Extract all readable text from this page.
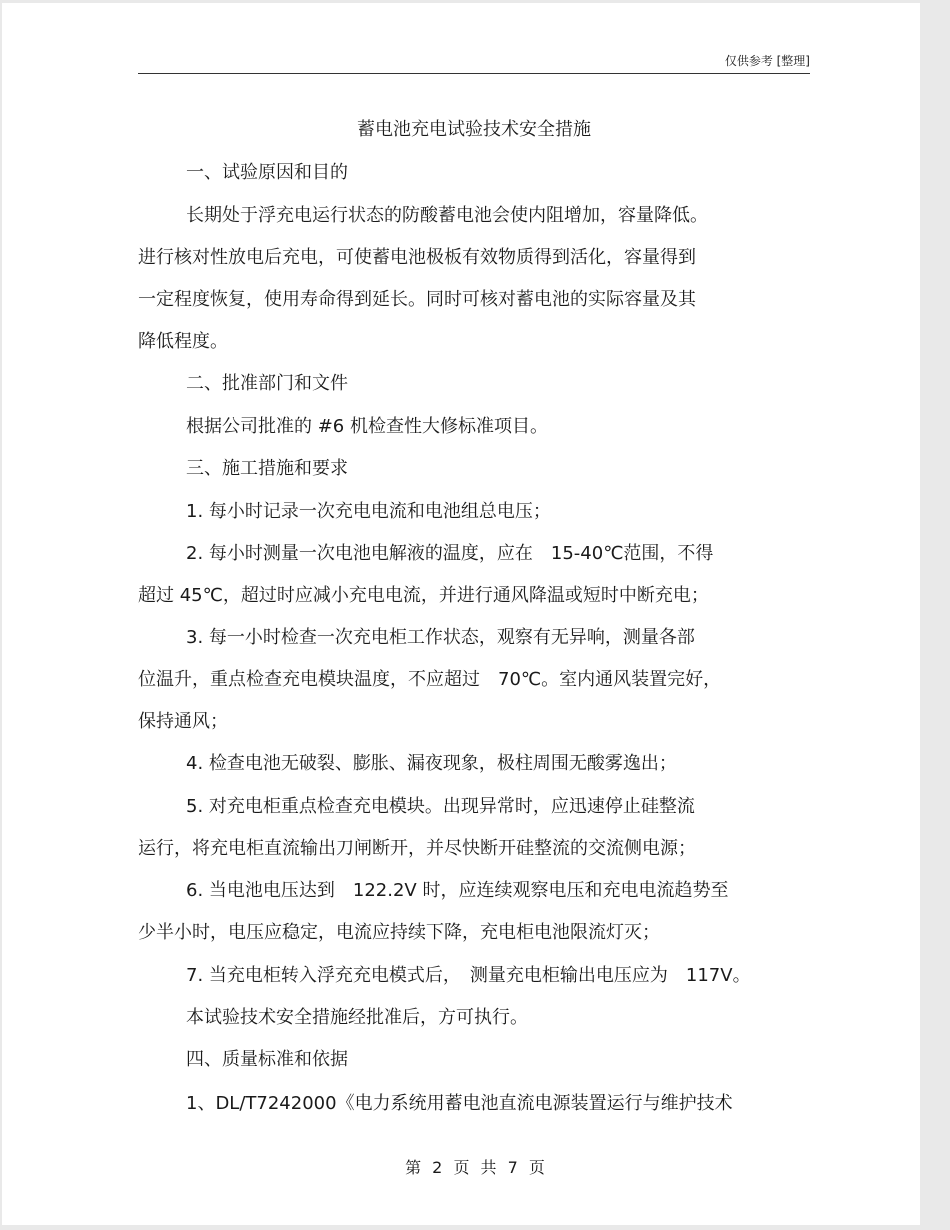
仅供参考 [整理]
蓄电池充电试验技术安全措施
一、试验原因和目的
长期处于浮充电运行状态的防酸蓄电池会使内阻增加，容量降低。
进行核对性放电后充电，可使蓄电池极板有效物质得到活化，容量得到
一定程度恢复，使用寿命得到延长。同时可核对蓄电池的实际容量及其
降低程度。
二、批准部门和文件
根据公司批准的 #6 机检查性大修标准项目。
三、施工措施和要求
1. 每小时记录一次充电电流和电池组总电压；
2. 每小时测量一次电池电解液的温度，应在　15-40℃范围，不得
超过 45℃，超过时应减小充电电流，并进行通风降温或短时中断充电；
3. 每一小时检查一次充电柜工作状态，观察有无异响，测量各部
位温升，重点检查充电模块温度，不应超过　70℃。室内通风装置完好，
保持通风；
4. 检查电池无破裂、膨胀、漏夜现象，极柱周围无酸雾逸出；
5. 对充电柜重点检查充电模块。出现异常时，应迅速停止硅整流
运行，将充电柜直流输出刀闸断开，并尽快断开硅整流的交流侧电源；
6. 当电池电压达到　122.2V 时，应连续观察电压和充电电流趋势至
少半小时，电压应稳定，电流应持续下降，充电柜电池限流灯灭；
7. 当充电柜转入浮充充电模式后，　测量充电柜输出电压应为　117V。
本试验技术安全措施经批准后，方可执行。
四、质量标准和依据
1、DL/T7242000《电力系统用蓄电池直流电源装置运行与维护技术
第 2 页 共 7 页
